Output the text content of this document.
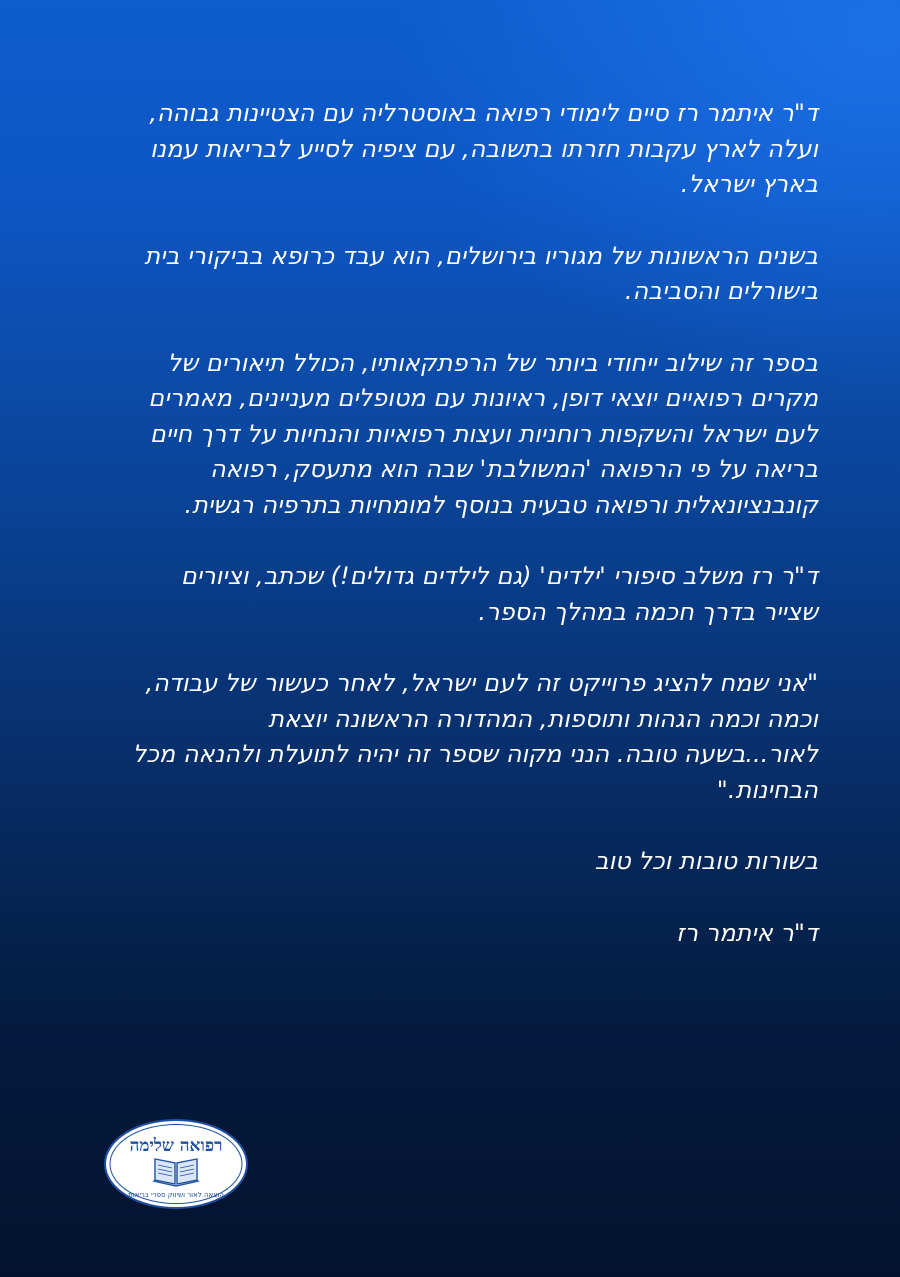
ד"ר איתמר רז סיים לימודי רפואה באוסטרליה עם הצטיינות גבוהה,
ועלה לארץ עקבות חזרתו בתשובה, עם ציפיה לסייע לבריאות עמנו
בארץ ישראל.

בשנים הראשונות של מגוריו בירושלים, הוא עבד כרופא בביקורי בית
בישורלים והסביבה.

בספר זה שילוב ייחודי ביותר של הרפתקאותיו, הכולל תיאורים של
מקרים רפואיים יוצאי דופן, ראיונות עם מטופלים מעניינים, מאמרים
לעם ישראל והשקפות רוחניות ועצות רפואיות והנחיות על דרך חיים
בריאה על פי הרפואה 'המשולבת' שבה הוא מתעסק, רפואה
קונבנציונאלית ורפואה טבעית בנוסף למומחיות בתרפיה רגשית.

ד"ר רז משלב סיפורי 'ילדים' (גם לילדים גדולים!) שכתב, וציורים
שצייר בדרך חכמה במהלך הספר.

"אני שמח להציג פרוייקט זה לעם ישראל, לאחר כעשור של עבודה,
וכמה וכמה הגהות ותוספות, המהדורה הראשונה יוצאת
לאור...בשעה טובה. הנני מקוה שספר זה יהיה לתועלת ולהנאה מכל
הבחינות."

בשורות טובות וכל טוב

ד"ר איתמר רז

רפואה שלימה
הוצאה לאור ושיווק ספרי בריאות
